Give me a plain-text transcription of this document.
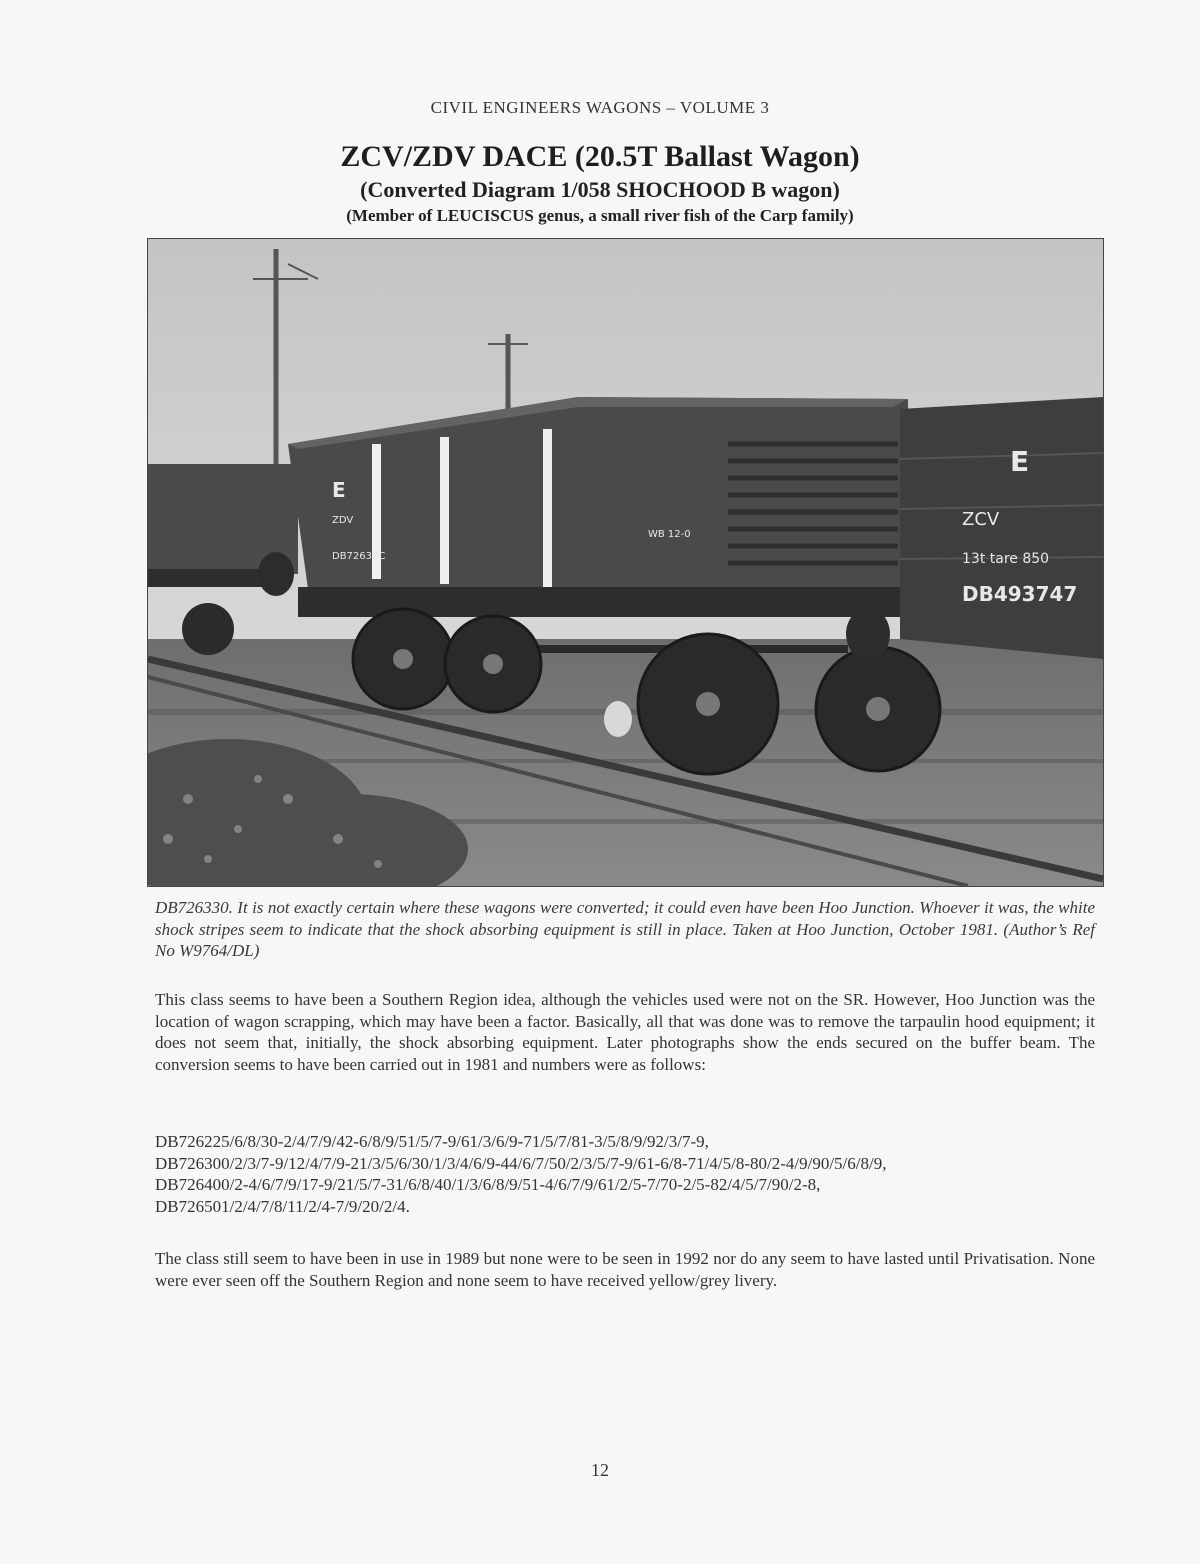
CIVIL ENGINEERS WAGONS – VOLUME 3
ZCV/ZDV DACE (20.5T Ballast Wagon)
(Converted Diagram 1/058 SHOCHOOD B wagon)
(Member of LEUCISCUS genus, a small river fish of the Carp family)
E
ZDV
DB72633C
WB 12-0
E
ZCV
13t tare 850
DB493747
DB726330. It is not exactly certain where these wagons were converted; it could even have been Hoo Junction. Whoever it was, the white shock stripes seem to indicate that the shock absorbing equipment is still in place. Taken at Hoo Junction, October 1981. (Author’s Ref No W9764/DL)
This class seems to have been a Southern Region idea, although the vehicles used were not on the SR. However, Hoo Junction was the location of wagon scrapping, which may have been a factor. Basically, all that was done was to remove the tarpaulin hood equipment; it does not seem that, initially, the shock absorbing equipment. Later photographs show the ends secured on the buffer beam. The conversion seems to have been carried out in 1981 and numbers were as follows:
DB726225/6/8/30-2/4/7/9/42-6/8/9/51/5/7-9/61/3/6/9-71/5/7/81-3/5/8/9/92/3/7-9,
DB726300/2/3/7-9/12/4/7/9-21/3/5/6/30/1/3/4/6/9-44/6/7/50/2/3/5/7-9/61-6/8-71/4/5/8-80/2-4/9/90/5/6/8/9,
DB726400/2-4/6/7/9/17-9/21/5/7-31/6/8/40/1/3/6/8/9/51-4/6/7/9/61/2/5-7/70-2/5-82/4/5/7/90/2-8,
DB726501/2/4/7/8/11/2/4-7/9/20/2/4.
The class still seem to have been in use in 1989 but none were to be seen in 1992 nor do any seem to have lasted until Privatisation. None were ever seen off the Southern Region and none seem to have received yellow/grey livery.
12
